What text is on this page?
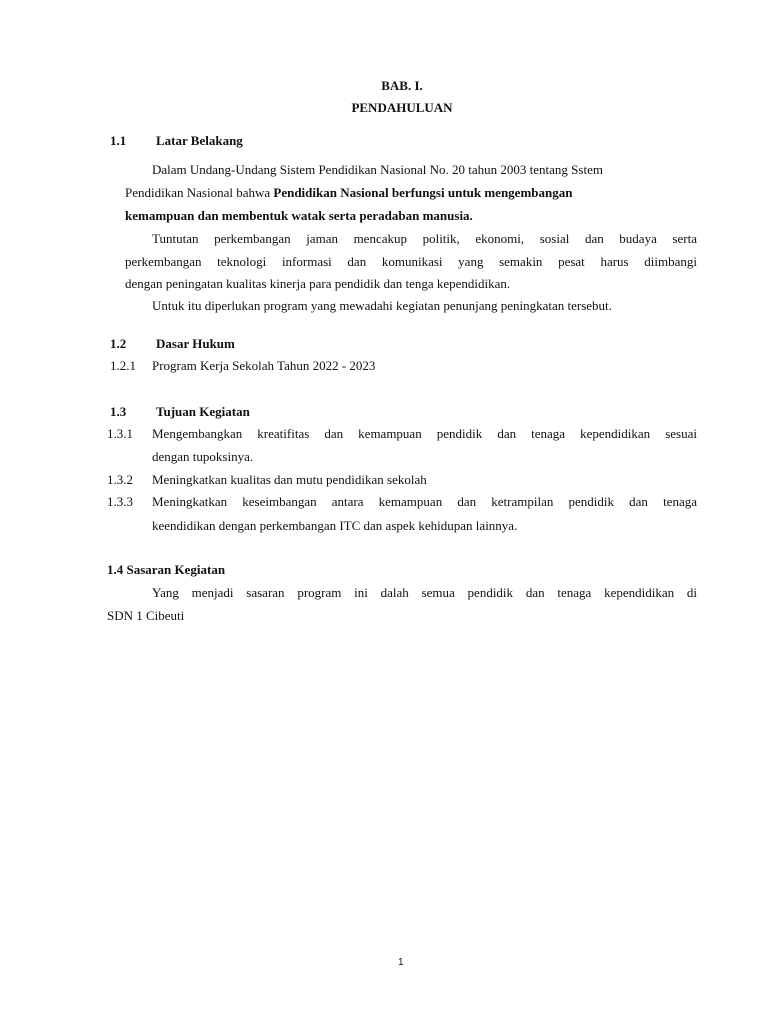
BAB. I.
PENDAHULUAN
1.1 Latar Belakang
Dalam Undang-Undang Sistem Pendidikan Nasional No. 20 tahun 2003 tentang Sstem
Pendidikan Nasional bahwa Pendidikan Nasional berfungsi untuk mengembangan
kemampuan dan membentuk watak serta peradaban manusia.
Tuntutan perkembangan jaman mencakup politik, ekonomi, sosial dan budaya serta
perkembangan teknologi informasi dan komunikasi yang semakin pesat harus diimbangi
dengan peningatan kualitas kinerja para pendidik dan tenga kependidikan.
Untuk itu diperlukan program yang mewadahi kegiatan penunjang peningkatan tersebut.
1.2 Dasar Hukum
1.2.1 Program Kerja Sekolah Tahun 2022 - 2023
1.3 Tujuan Kegiatan
1.3.1 Mengembangkan kreatifitas dan kemampuan pendidik dan tenaga kependidikan sesuai
dengan tupoksinya.
1.3.2 Meningkatkan kualitas dan mutu pendidikan sekolah
1.3.3 Meningkatkan keseimbangan antara kemampuan dan ketrampilan pendidik dan tenaga
keendidikan dengan perkembangan ITC dan aspek kehidupan lainnya.
1.4 Sasaran Kegiatan
Yang menjadi sasaran program ini dalah semua pendidik dan tenaga kependidikan di
SDN 1 Cibeuti
1
